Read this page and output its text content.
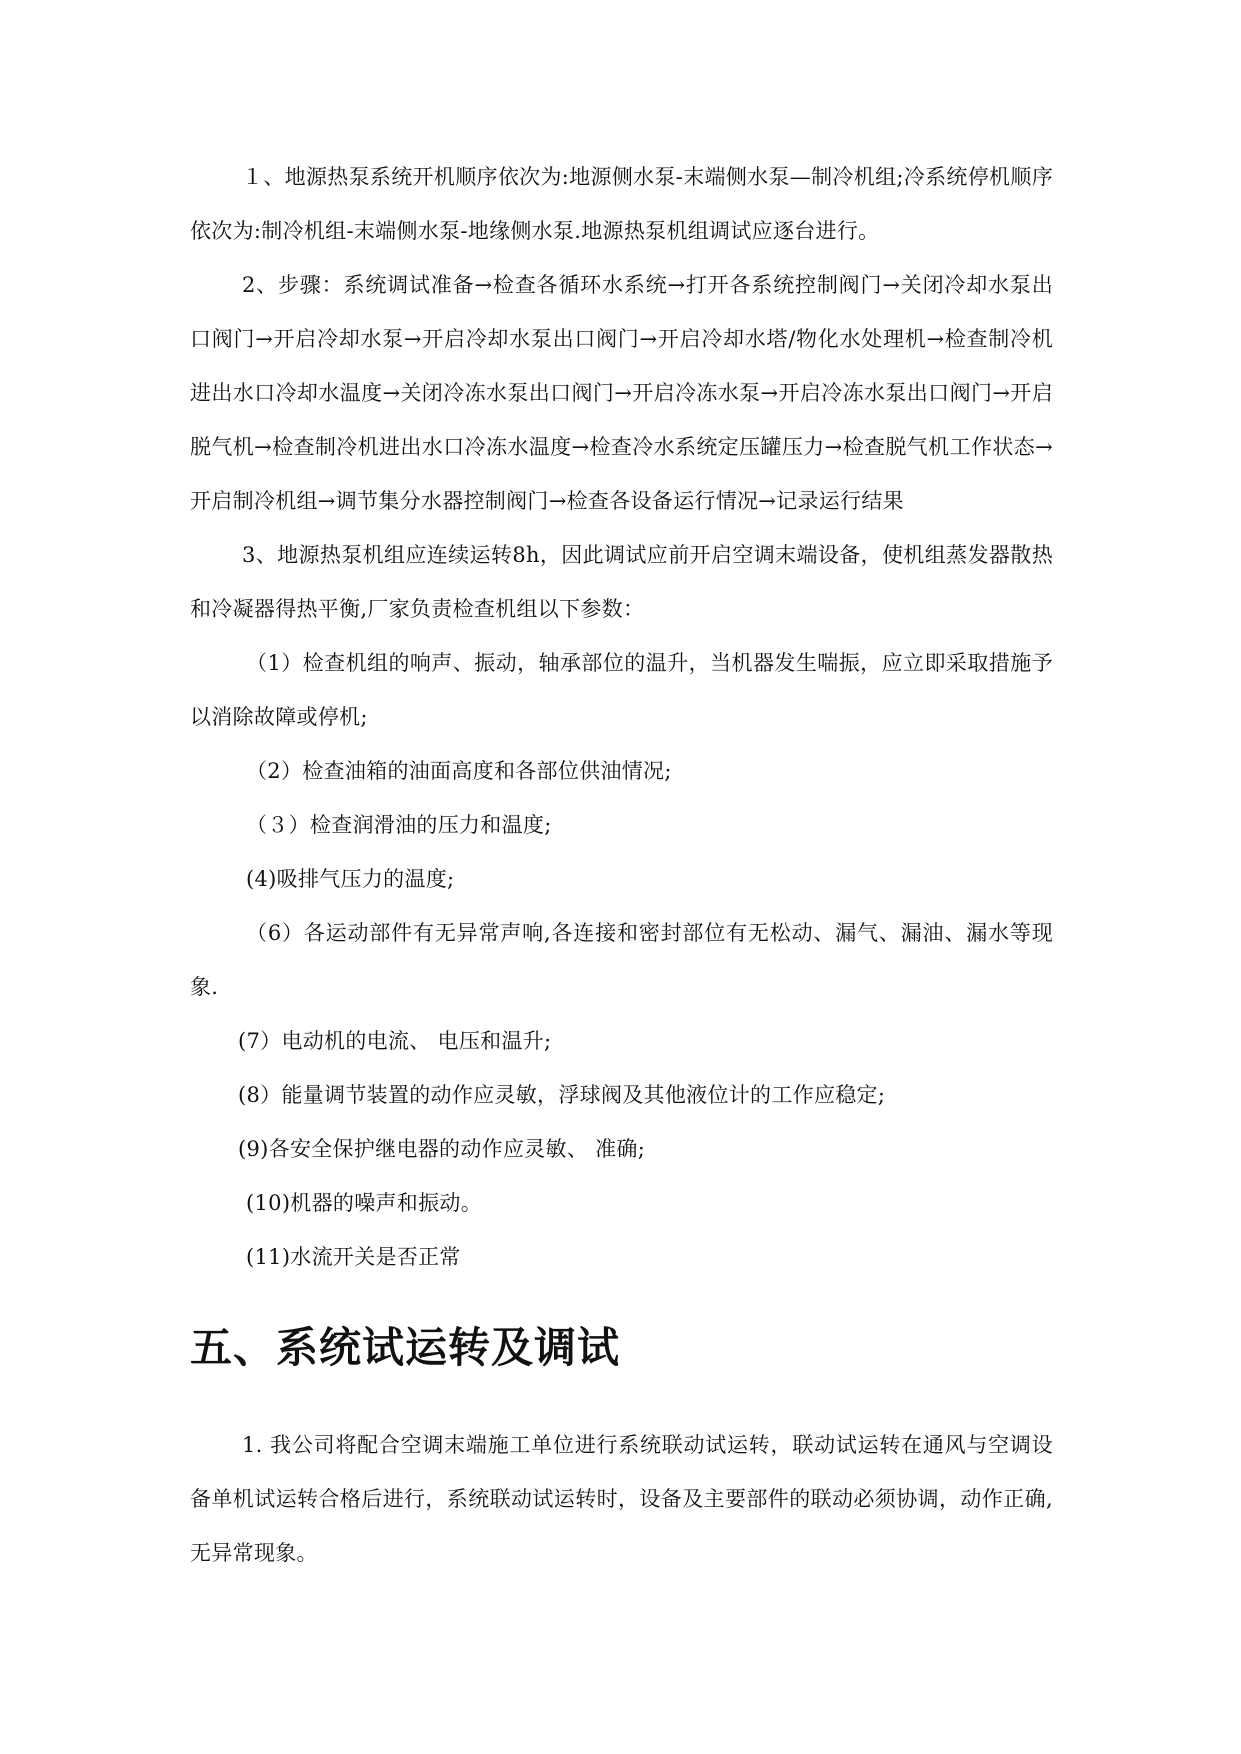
１、地源热泵系统开机顺序依次为:地源侧水泵-末端侧水泵—制冷机组;冷系统停机顺序依次为:制冷机组-末端侧水泵-地缘侧水泵.地源热泵机组调试应逐台进行。

2、步骤：系统调试准备→检查各循环水系统→打开各系统控制阀门→关闭冷却水泵出口阀门→开启冷却水泵→开启冷却水泵出口阀门→开启冷却水塔/物化水处理机→检查制冷机进出水口冷却水温度→关闭冷冻水泵出口阀门→开启冷冻水泵→开启冷冻水泵出口阀门→开启脱气机→检查制冷机进出水口冷冻水温度→检查冷水系统定压罐压力→检查脱气机工作状态→开启制冷机组→调节集分水器控制阀门→检查各设备运行情况→记录运行结果

3、地源热泵机组应连续运转8h，因此调试应前开启空调末端设备，使机组蒸发器散热和冷凝器得热平衡,厂家负责检查机组以下参数：

（1）检查机组的响声、振动，轴承部位的温升，当机器发生喘振，应立即采取措施予以消除故障或停机;

（2）检查油箱的油面高度和各部位供油情况;

（３）检查润滑油的压力和温度;

(4)吸排气压力的温度;

（6）各运动部件有无异常声响,各连接和密封部位有无松动、漏气、漏油、漏水等现象.

(7）电动机的电流、 电压和温升;

(8）能量调节装置的动作应灵敏，浮球阀及其他液位计的工作应稳定;

(9)各安全保护继电器的动作应灵敏、 准确;

(10)机器的噪声和振动。

(11)水流开关是否正常

五、系统试运转及调试

1. 我公司将配合空调末端施工单位进行系统联动试运转，联动试运转在通风与空调设备单机试运转合格后进行，系统联动试运转时，设备及主要部件的联动必须协调，动作正确,无异常现象。
